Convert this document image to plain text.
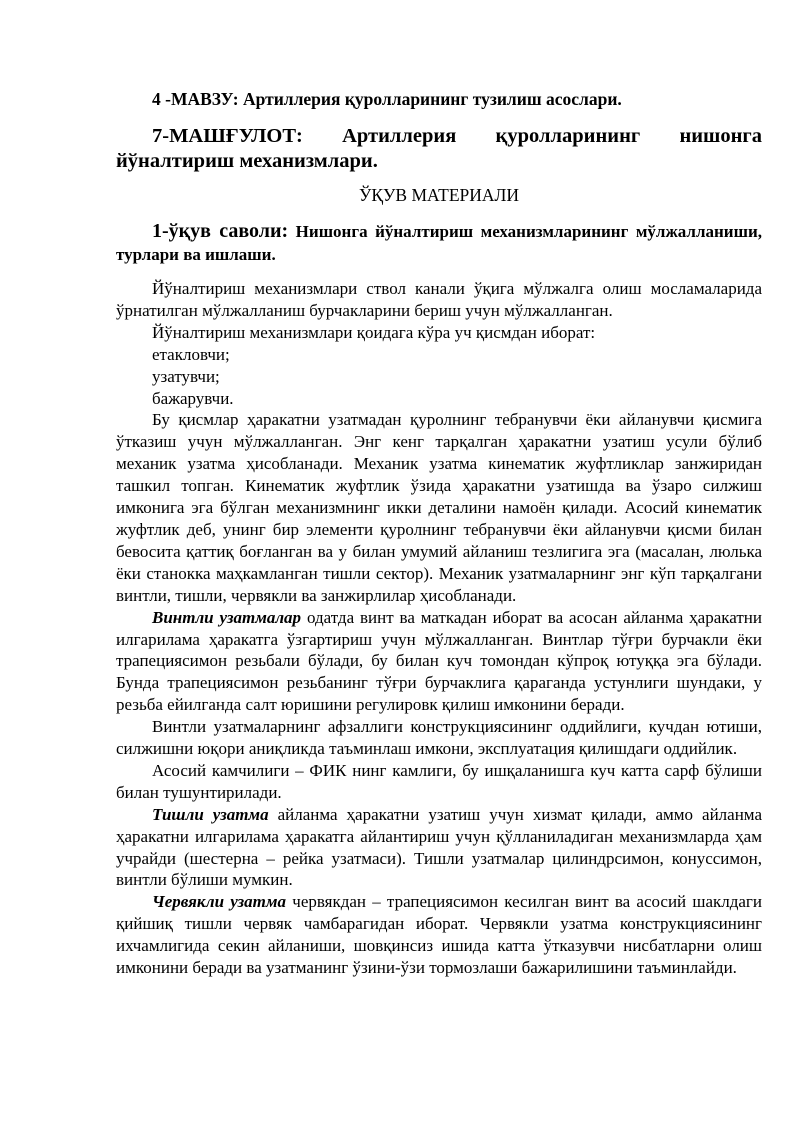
4 -МАВЗУ: Артиллерия қуролларининг тузилиш асослари.

7-МАШҒУЛОТ: Артиллерия қуролларининг нишонга йўналтириш механизмлари.

ЎҚУВ МАТЕРИАЛИ

1-ўқув саволи: Нишонга йўналтириш механизмларининг мўлжалланиши, турлари ва ишлаши.

Йўналтириш механизмлари ствол канали ўқига мўлжалга олиш мосламаларида ўрнатилган мўлжалланиш бурчакларини бериш учун мўлжалланган.

Йўналтириш механизмлари қоидага кўра уч қисмдан иборат:

етакловчи;

узатувчи;

бажарувчи.

Бу қисмлар ҳаракатни узатмадан қуролнинг тебранувчи ёки айланувчи қисмига ўтказиш учун мўлжалланган. Энг кенг тарқалган ҳаракатни узатиш усули бўлиб механик узатма ҳисобланади. Механик узатма кинематик жуфтликлар занжиридан ташкил топган. Кинематик жуфтлик ўзида ҳаракатни узатишда ва ўзаро силжиш имконига эга бўлган механизмнинг икки деталини намоён қилади. Асосий кинематик жуфтлик деб, унинг бир элементи қуролнинг тебранувчи ёки айланувчи қисми билан бевосита қаттиқ боғланган ва у билан умумий айланиш тезлигига эга (масалан, люлька ёки станокка маҳкамланган тишли сектор). Механик узатмаларнинг энг кўп тарқалгани винтли, тишли, червякли ва занжирлилар ҳисобланади.

Винтли узатмалар одатда винт ва маткадан иборат ва асосан айланма ҳаракатни илгарилама ҳаракатга ўзгартириш учун мўлжалланган. Винтлар тўғри бурчакли ёки трапециясимон резьбали бўлади, бу билан куч томондан кўпроқ ютуққа эга бўлади. Бунда трапециясимон резьбанинг тўғри бурчаклига қараганда устунлиги шундаки, у резьба ейилганда салт юришини регулировк қилиш имконини беради.

Винтли узатмаларнинг афзаллиги конструкциясининг оддийлиги, кучдан ютиши, силжишни юқори аниқликда таъминлаш имкони, эксплуатация қилишдаги оддийлик.

Асосий камчилиги – ФИК нинг камлиги, бу ишқаланишга куч катта сарф бўлиши билан тушунтирилади.

Тишли узатма айланма ҳаракатни узатиш учун хизмат қилади, аммо айланма ҳаракатни илгарилама ҳаракатга айлантириш учун қўлланиладиган механизмларда ҳам учрайди (шестерна – рейка узатмаси). Тишли узатмалар цилиндрсимон, конуссимон, винтли бўлиши мумкин.

Червякли узатма червякдан – трапециясимон кесилган винт ва асосий шаклдаги қийшиқ тишли червяк чамбарагидан иборат. Червякли узатма конструкциясининг ихчамлигида секин айланиши, шовқинсиз ишида катта ўтказувчи нисбатларни олиш имконини беради ва узатманинг ўзини-ўзи тормозлаши бажарилишини таъминлайди.
